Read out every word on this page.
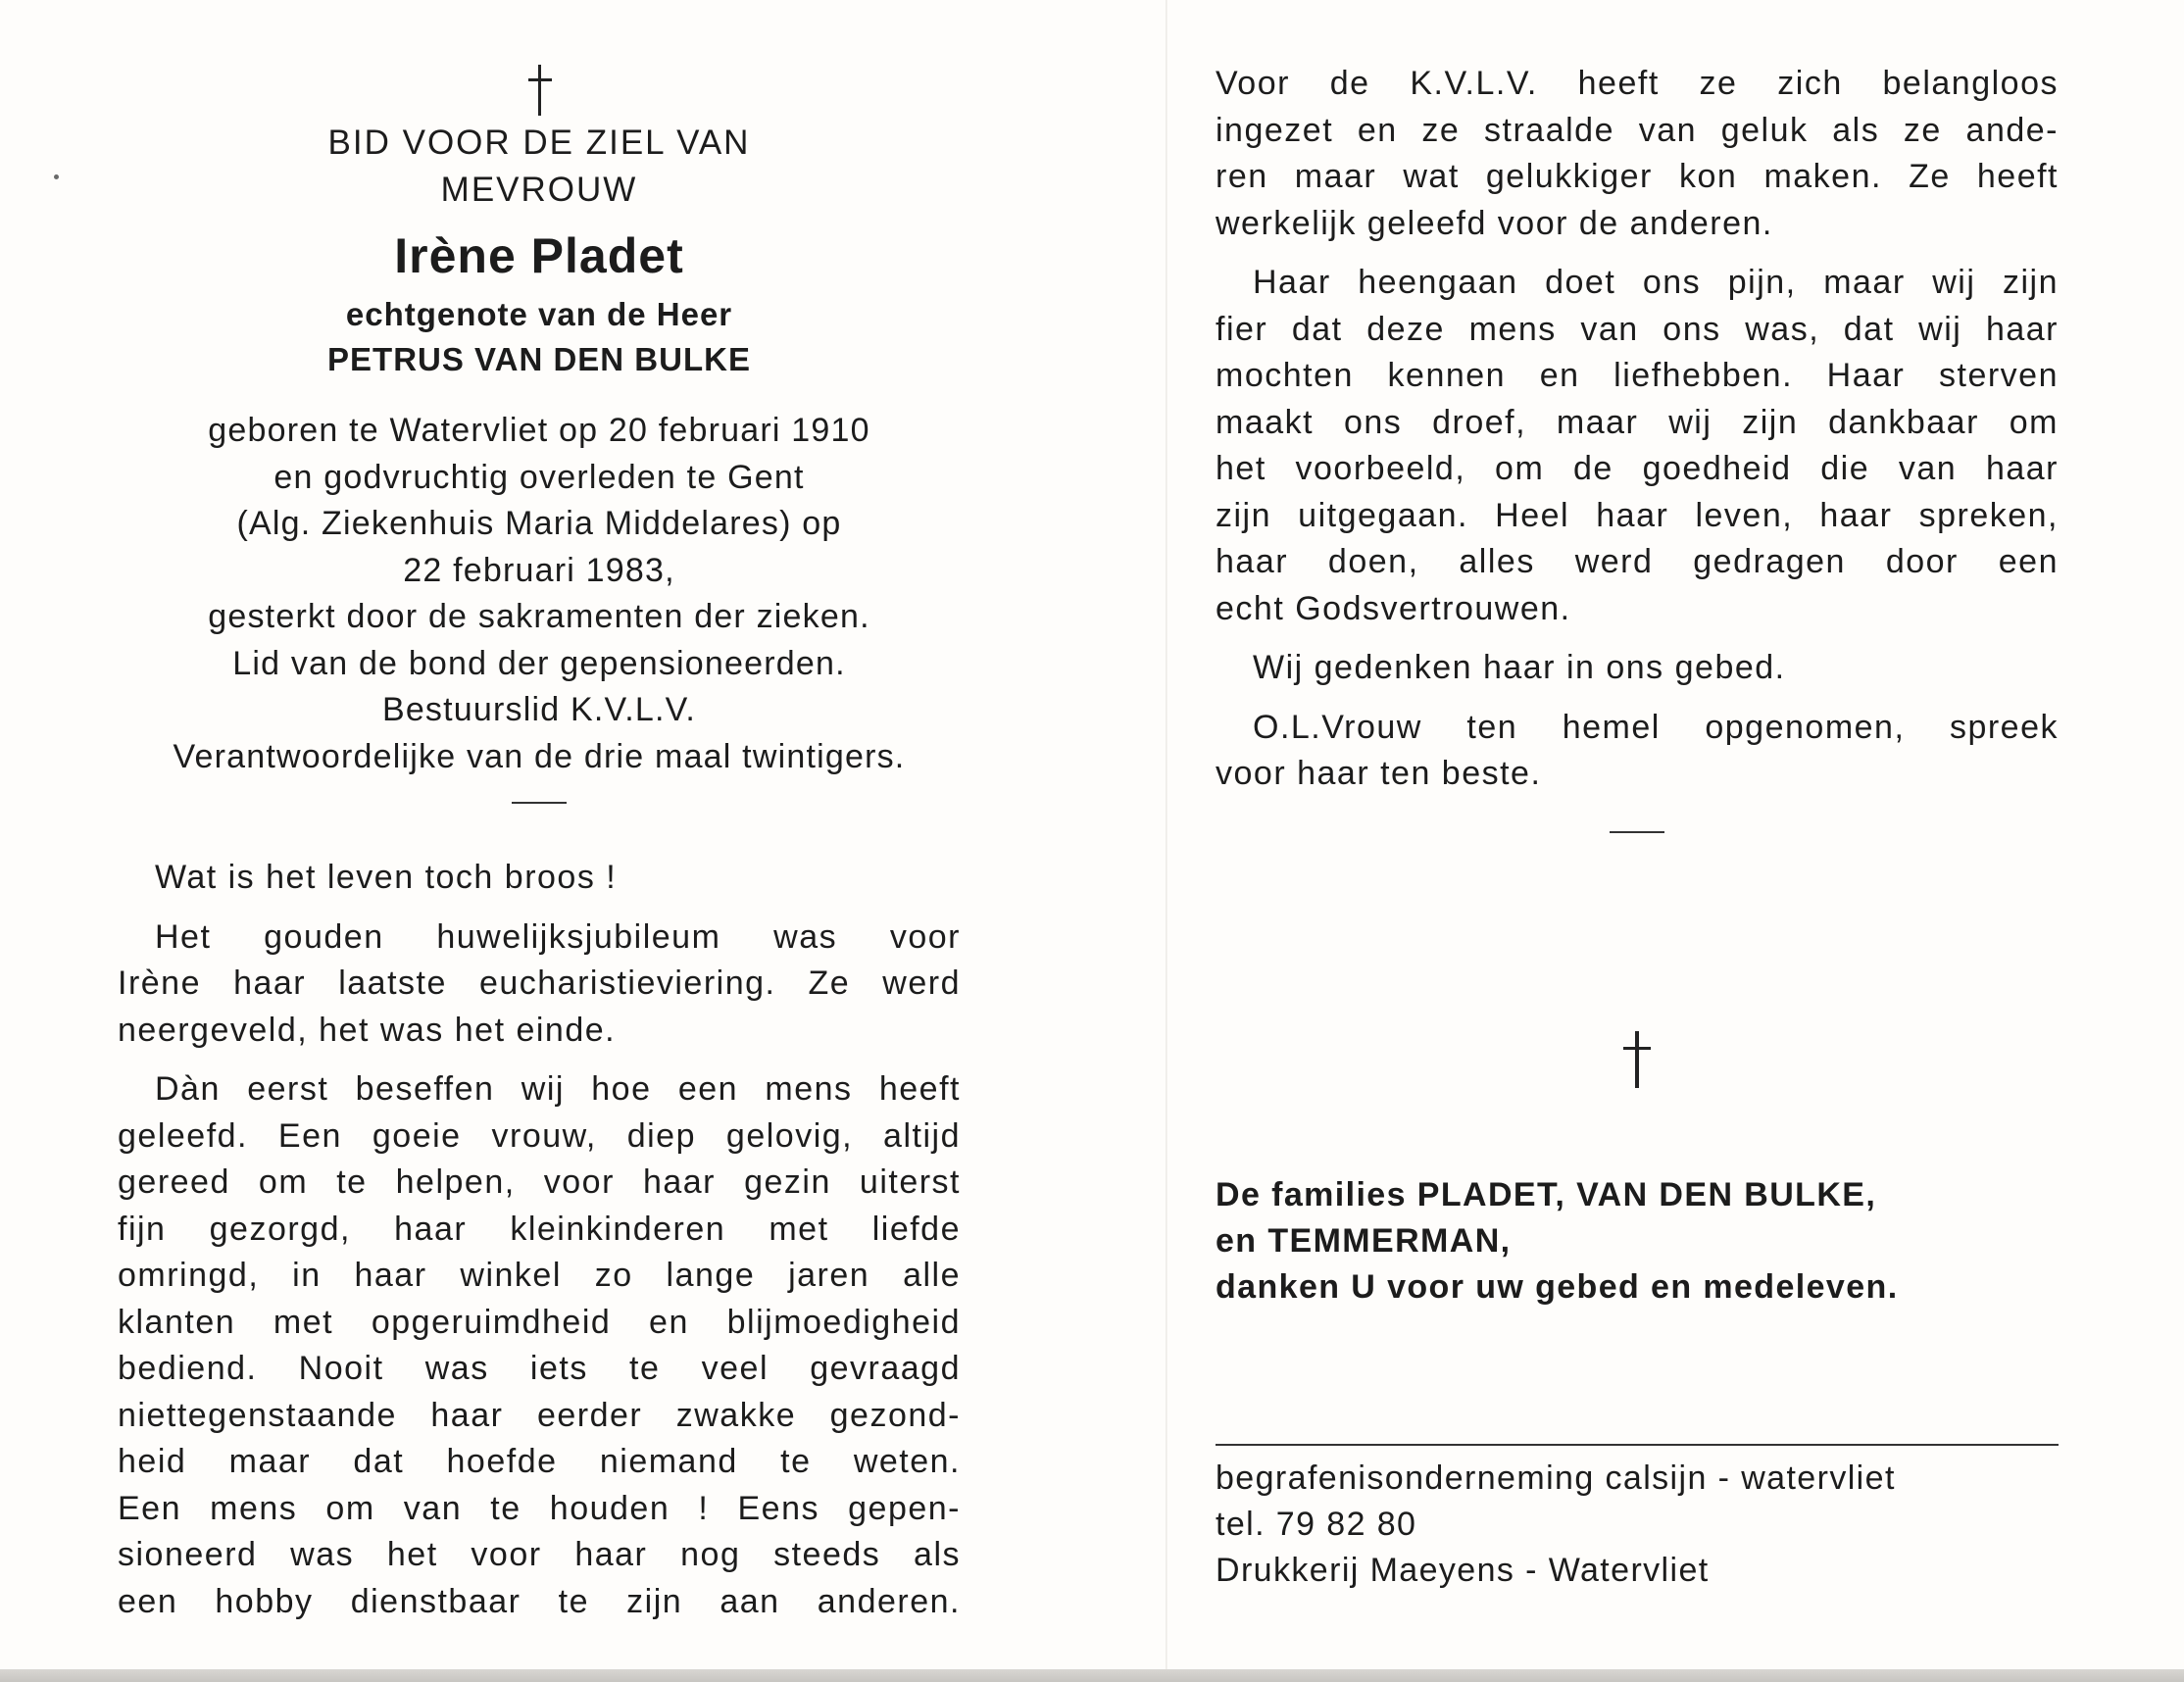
BID VOOR DE ZIEL VAN
MEVROUW
Irène Pladet
echtgenote van de Heer
PETRUS VAN DEN BULKE
geboren te Watervliet op 20 februari 1910
en godvruchtig overleden te Gent
(Alg. Ziekenhuis Maria Middelares) op
22 februari 1983,
gesterkt door de sakramenten der zieken.
Lid van de bond der gepensioneerden.
Bestuurslid K.V.L.V.
Verantwoordelijke van de drie maal twintigers.
Wat is het leven toch broos !
Het gouden huwelijksjubileum was voor
Irène haar laatste eucharistieviering. Ze werd
neergeveld, het was het einde.
Dàn eerst beseffen wij hoe een mens heeft
geleefd. Een goeie vrouw, diep gelovig, altijd
gereed om te helpen, voor haar gezin uiterst
fijn gezorgd, haar kleinkinderen met liefde
omringd, in haar winkel zo lange jaren alle
klanten met opgeruimdheid en blijmoedigheid
bediend. Nooit was iets te veel gevraagd
niettegenstaande haar eerder zwakke gezond-
heid maar dat hoefde niemand te weten.
Een mens om van te houden ! Eens gepen-
sioneerd was het voor haar nog steeds als
een hobby dienstbaar te zijn aan anderen.
Voor de K.V.L.V. heeft ze zich belangloos
ingezet en ze straalde van geluk als ze ande-
ren maar wat gelukkiger kon maken. Ze heeft
werkelijk geleefd voor de anderen.
Haar heengaan doet ons pijn, maar wij zijn
fier dat deze mens van ons was, dat wij haar
mochten kennen en liefhebben. Haar sterven
maakt ons droef, maar wij zijn dankbaar om
het voorbeeld, om de goedheid die van haar
zijn uitgegaan. Heel haar leven, haar spreken,
haar doen, alles werd gedragen door een
echt Godsvertrouwen.
Wij gedenken haar in ons gebed.
O.L.Vrouw ten hemel opgenomen, spreek
voor haar ten beste.
De families PLADET, VAN DEN BULKE,
en TEMMERMAN,
danken U voor uw gebed en medeleven.
begrafenisonderneming calsijn - watervliet
tel. 79 82 80
Drukkerij Maeyens - Watervliet
